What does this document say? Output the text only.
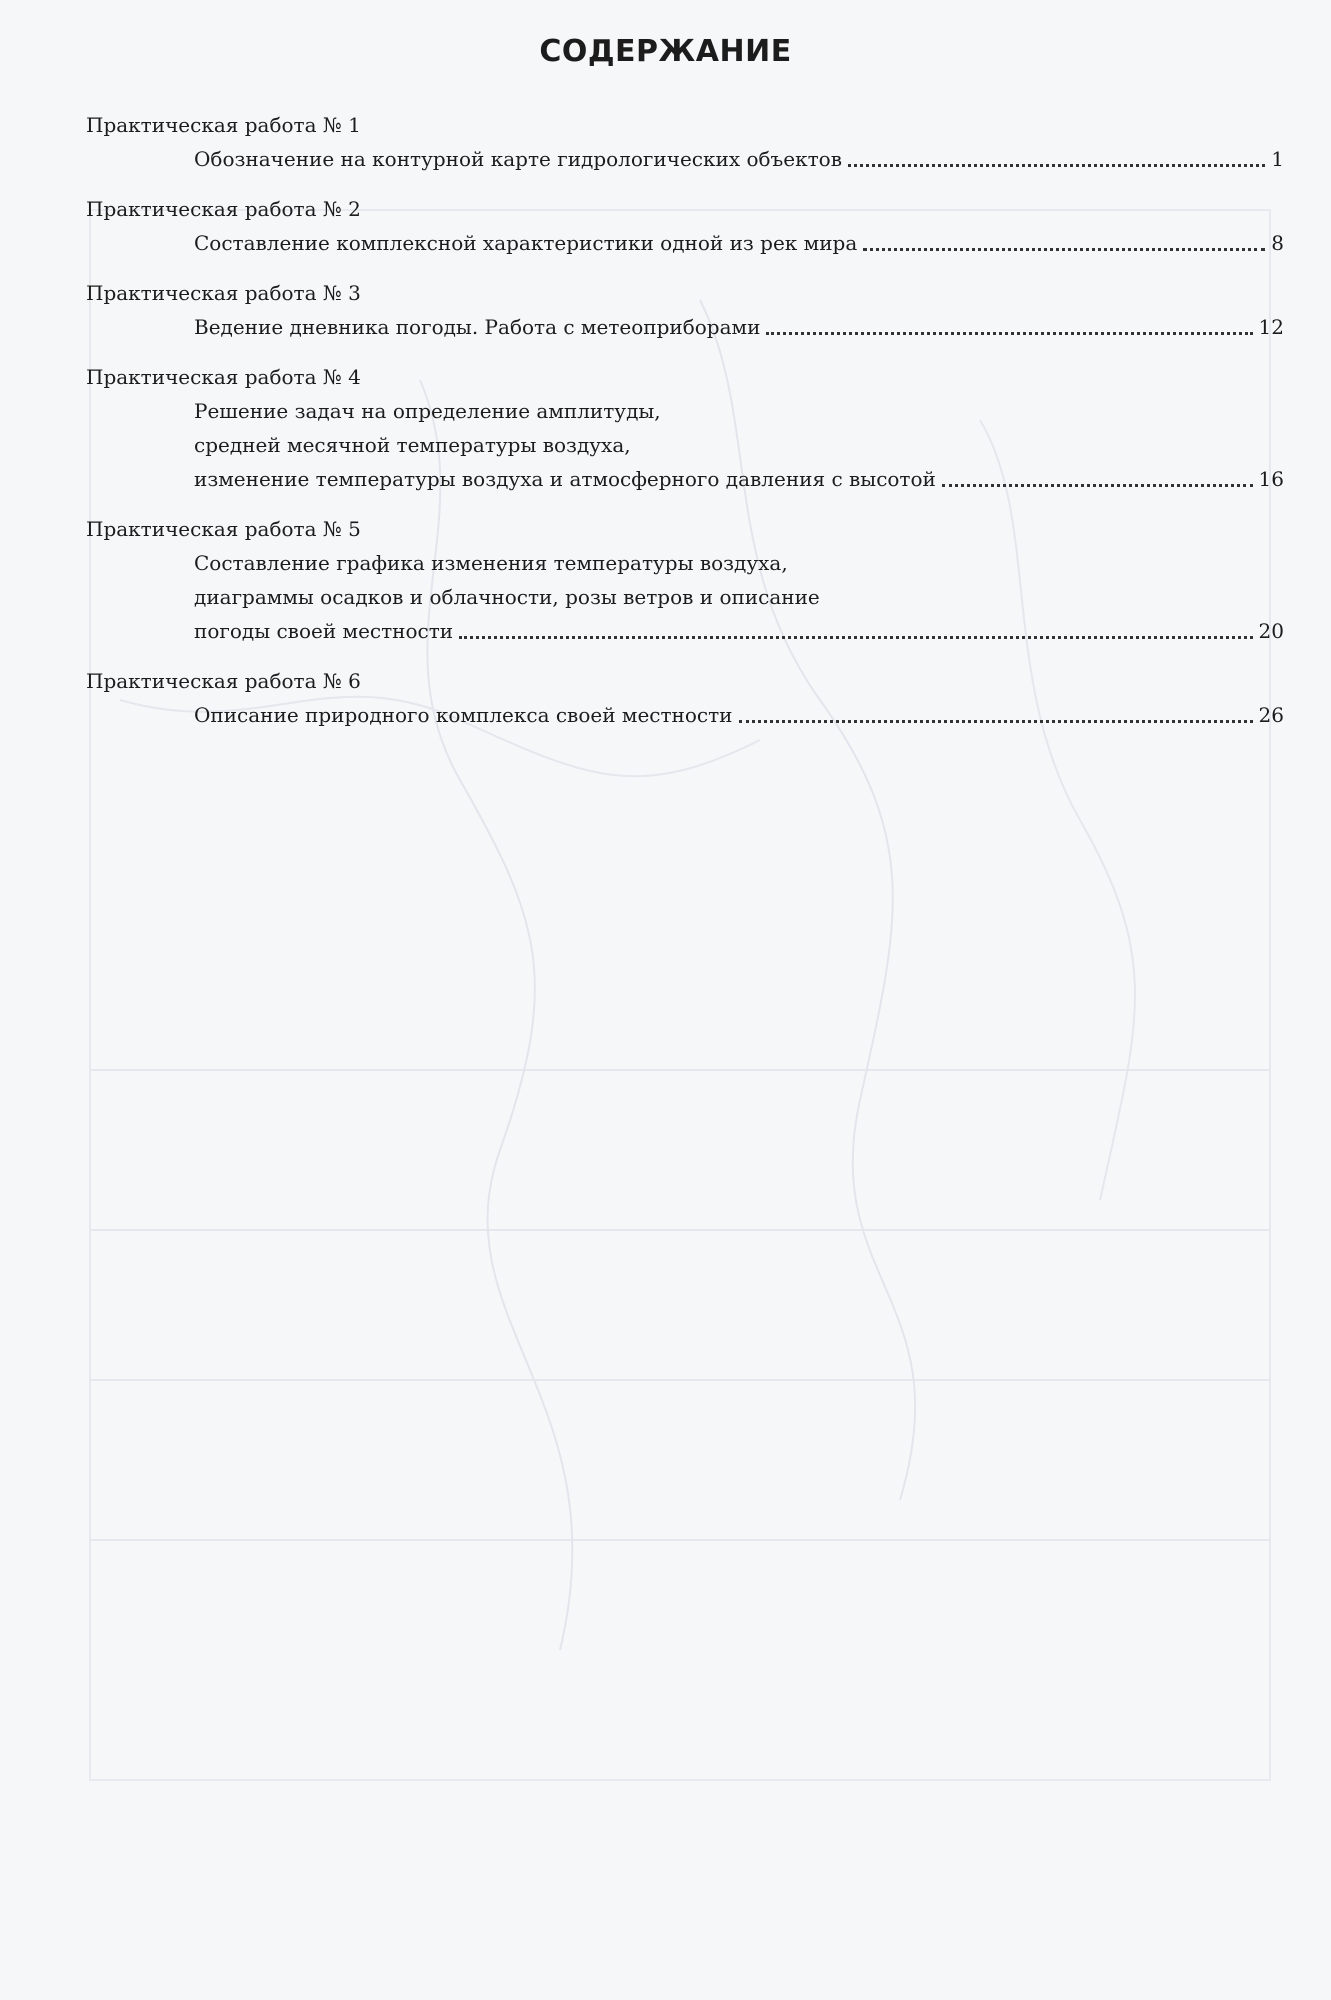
СОДЕРЖАНИЕ
Практическая работа № 1
Обозначение на контурной карте гидрологических объектов	1
Практическая работа № 2
Составление комплексной характеристики одной из рек мира	8
Практическая работа № 3
Ведение дневника погоды. Работа с метеоприборами	12
Практическая работа № 4
Решение задач на определение амплитуды,
средней месячной температуры воздуха,
изменение температуры воздуха и атмосферного давления с высотой	16
Практическая работа № 5
Составление графика изменения температуры воздуха,
диаграммы осадков и облачности, розы ветров и описание
погоды своей местности	20
Практическая работа № 6
Описание природного комплекса своей местности	26
